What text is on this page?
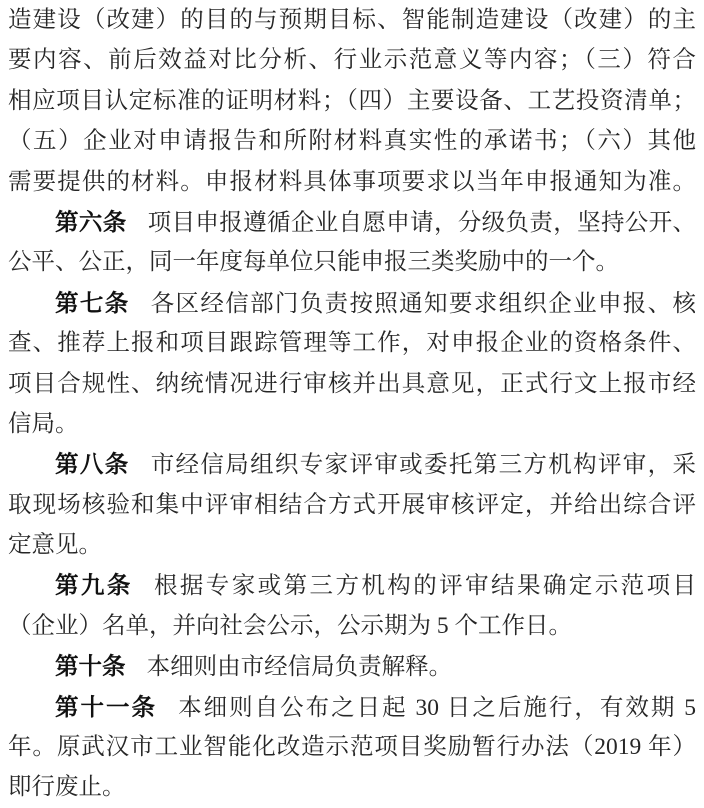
造建设（改建）的目的与预期目标、智能制造建设（改建）的主
要内容、前后效益对比分析、行业示范意义等内容；（三）符合
相应项目认定标准的证明材料；（四）主要设备、工艺投资清单；
（五）企业对申请报告和所附材料真实性的承诺书；（六）其他
需要提供的材料。申报材料具体事项要求以当年申报通知为准。
第六条 项目申报遵循企业自愿申请，分级负责，坚持公开、
公平、公正，同一年度每单位只能申报三类奖励中的一个。
第七条 各区经信部门负责按照通知要求组织企业申报、核
查、推荐上报和项目跟踪管理等工作，对申报企业的资格条件、
项目合规性、纳统情况进行审核并出具意见，正式行文上报市经
信局。
第八条 市经信局组织专家评审或委托第三方机构评审，采
取现场核验和集中评审相结合方式开展审核评定，并给出综合评
定意见。
第九条 根据专家或第三方机构的评审结果确定示范项目
（企业）名单，并向社会公示，公示期为 5 个工作日。
第十条 本细则由市经信局负责解释。
第十一条 本细则自公布之日起 30 日之后施行，有效期 5
年。原武汉市工业智能化改造示范项目奖励暂行办法（2019 年）
即行废止。
